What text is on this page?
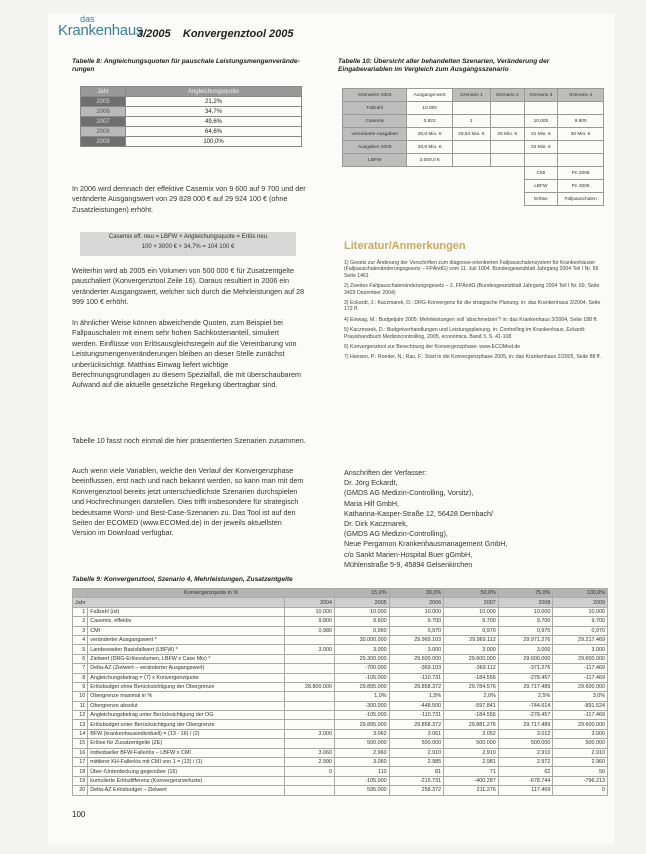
das
Krankenhaus
3/2005 Konvergenztool 2005
Tabelle 8: Angleichungsquoten für pauschale Leistungsmengenverände-
rungen
Jahr	Angleichungsquote
2005	21,2%
2006	34,7%
2007	49,6%
2008	64,6%
2009	100,0%
In 2006 wird demnach der effektive Casemix von 9 600 auf 9 700 und der veränderte Ausgangswert von 29 828 000 € auf 29 924 100 € (ohne Zusatzleistungen) erhöht.
Casemix eff. neu = LBFW × Angleichungsquote = Erlös neu
100 × 3000 € × 34,7% = 104 100 €
Weiterhin wird ab 2005 ein Volumen von 500 000 € für Zusatzentgelte pauschaliert (Konvergenztool Zeile 16). Daraus resultiert in 2006 ein veränderter Ausgangswert, welcher sich durch die Mehrleistungen auf 28 999 100 € erhöht.
In ähnlicher Weise können abweichende Quoten, zum Beispiel bei Fallpauschalen mit einem sehr hohen Sachkostenanteil, simuliert werden. Einflüsse von Erlösausgleichsregeln auf die Vereinbarung von Leistungsmengenveränderungen bleiben an dieser Stelle zunächst unberücksichtigt. Matthias Einwag liefert wichtige Berechnungsgrundlagen zu diesem Spezialfall, die mit überschaubarem Aufwand auf die aktuelle gesetzliche Regelung übertragbar sind.
Tabelle 10 fasst noch einmal die hier präsentierten Szenarien zusammen.
Auch wenn viele Variablen, welche den Verlauf der Konvergenzphase beeinflussen, erst nach und nach bekannt werden, so kann man mit dem Konvergenztool bereits jetzt unterschiedlichste Szenarien durchspielen und Hochrechnungen darstellen. Dies trifft insbesondere für strategisch bedeutsame Worst- und Best-Case-Szenarien zu. Das Tool ist auf den Seiten der ECOMED (www.ECOMed.de) in der jeweils aktuellsten Version im Download verfügbar.
Tabelle 10: Übersicht aller behandelten Szenarien, Veränderung der
Eingabevariablen im Vergleich zum Ausgangsszenario
Szenarien 2004	Ausgangs-wert	Szenario 1	Szenario 2	Szenario 3	Szenario 4
Fallzahl	10.000				
Casemix	0,922	1		10.000	9.800
vereinbarte Ausgaben	28,8 Mio. €	29,54 Mio. €	29 Mio. €	31 Mio. €	30 Mio. €
Ausgaben 2009	28,8 Mio. €			32 Mio. €	
LBFW	3.000,0 €				
				CMI	Pn 2006
				LBFW	Pn 2006
				Erlöse	Fallpauschalen
Literatur/Anmerkungen
1) Gesetz zur Änderung der Vorschriften zum diagnose-orientierten Fallpauschalensystem für Krankenhäuser (Fallpauschalenänderungsgesetz – FPÄndG) vom 11. Juli 1004. Bundesgesetzblatt Jahrgang 2004 Teil I Nr. 56 Seite 1461
2) Zweites Fallpauschalenänderungsgesetz – 2. FPÄndG (Bundesgesetzblatt Jahrgang 2004 Teil I Nr. 69, Seite 3429 Dezember 2004)
3) Eckardt, J.: Kaczmarek, D.: DRG-Konvergenz für die stratgische Planung. in: das Krankenhaus 3/2004, Seite 172 ff.
4) Einwag, M.: Budgetjahr 2005: Mehrleistungen voll 'abschmelzen'? in: das Krankenhaus 3/2004, Seite 188 ff.
5) Kaczmarek, D.: Budgetverhandlungen und Leistungsplanung. in: Controlling im Krankenhaus, Eckardt: Praxishandbuch Medizincontrolling, 2005, economica, Band 3, S. 41-108
6) Konvergenztool zur Berechnung der Konvergenzphase: www.ECOMed.de
7) Hansen, P.: Roeder, N.; Rau, F.: Start in die Konvergenzphase 2005, in: das Krankenhaus 2/2005, Seite 88 ff.
Anschriften der Verfasser:
Dr. Jörg Eckardt,
(GMDS AG Medizin-Controlling, Vorsitz),
Maria Hilf GmbH,
Katharina-Kasper-Straße 12, 56428 Dernbach/
Dr. Dirk Kaczmarek,
(GMDS AG Medizin-Controlling),
Neue Pergamon Krankenhausmanagement GmbH,
c/o Sankt Marien-Hospital Buer gGmbH,
Mühlenstraße 5-9, 45894 Gelsenkirchen
Tabelle 9: Konvergenztool, Szenario 4, Mehrleistungen, Zusatzentgelte
	Konvergenzquote in %		15,0%	30,0%	50,0%	75,0%	100,0%
Jahr		2004	2005	2006	2007	2008	2009
1	Fallzahl (ist)	10.000	10.000	10.000	10.000	10.000	10.000
2	Casemix, effektiv	9.800	9.600	9.700	9.700	9.700	9.700
3	CMI	0,980	0,960	0,970	0,970	0,970	0,970
4	veränderter Ausgangswert *		30.000.000	29.969.103	29.969.112	29.971.276	29.217.469
5	Landesweiter Basisfallwert (LBFW) *	3.000	3.000	3.000	3.000	3.000	3.000
6	Zielwert (DRG-Erlösvolumen, LBFW x Case Mix) *		29.300.000	29.600.000	29.600.000	29.600.000	29.600.000
7	Delta-AZ (Zielwert – veränderter Ausgangswert)		-700.000	-369.103	-369.112	-371.276	-117.469
8	Angleichungsbetrag = (7) x Konvergenzquote		-105.000	-110.731	-184.556	-278.457	-117.469
9	Erlösbudget ohne Berücksichtigung der Obergrenze	28.800.000	29.895.000	29.858.372	29.784.576	29.717.489	29.600.000
10	Obergrenze maximal in %		1,0%	1,5%	2,0%	2,5%	3,0%
11	Obergrenze absolut		-300.000	-448.500	-597.841	-744.614	-891.524
12	Angleichungsbetrag unter Berücksichtigung der OG		-105.000	-110.731	-184.556	-278.457	-117.469
13	Erlösbudget unter Berücksichtigung der Obergrenze		29.895.000	29.858.372	29.881.276	29.717.489	29.600.000
14	BFW (krankenhausindividuell) = (13 - 16) / (2)	3.000	3.062	3.061	3.052	3.012	3.000
15	Erlöse für Zusatzentgelte (ZE)		500.000	500.000	500.000	500.000	500.000
16	individueller BFW-Fallerlös – LBFW x CMI	3.060	2.960	2.910	2.910	2.910	2.910
17	mittlerer KH-Fallerlös mit CMI von 1 = (13) / (1)	2.990	3.060	2.985	2.981	2.972	2.960
18	Über-/Unterdeckung gegenüber (16)	0	110	81	71	62	50
19	kumulierte Erlösdifferenz (Konvergenzverluste)		-105.000	-215.731	-400.287	-678.744	-796.213
20	Delta-AZ Erlösbudget – Zielwert		595.000	258.372	211.276	117.469	0
100
